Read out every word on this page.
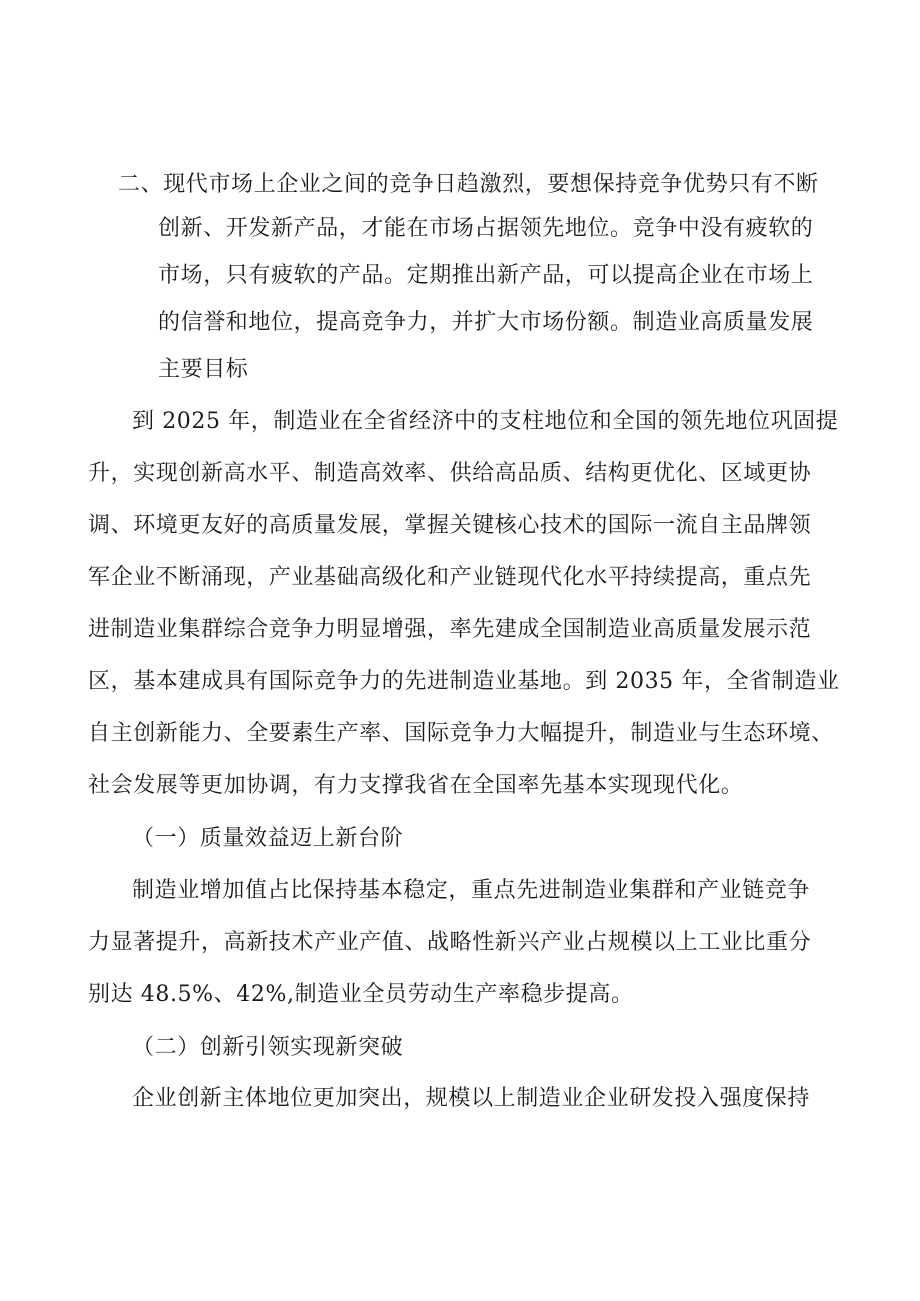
二、现代市场上企业之间的竞争日趋激烈，要想保持竞争优势只有不断
创新、开发新产品，才能在市场占据领先地位。竞争中没有疲软的
市场，只有疲软的产品。定期推出新产品，可以提高企业在市场上
的信誉和地位，提高竞争力，并扩大市场份额。制造业高质量发展
主要目标
到 2025 年，制造业在全省经济中的支柱地位和全国的领先地位巩固提
升，实现创新高水平、制造高效率、供给高品质、结构更优化、区域更协
调、环境更友好的高质量发展，掌握关键核心技术的国际一流自主品牌领
军企业不断涌现，产业基础高级化和产业链现代化水平持续提高，重点先
进制造业集群综合竞争力明显增强，率先建成全国制造业高质量发展示范
区，基本建成具有国际竞争力的先进制造业基地。到 2035 年，全省制造业
自主创新能力、全要素生产率、国际竞争力大幅提升，制造业与生态环境、
社会发展等更加协调，有力支撑我省在全国率先基本实现现代化。
（一）质量效益迈上新台阶
制造业增加值占比保持基本稳定，重点先进制造业集群和产业链竞争
力显著提升，高新技术产业产值、战略性新兴产业占规模以上工业比重分
别达 48.5%、42%,制造业全员劳动生产率稳步提高。
（二）创新引领实现新突破
企业创新主体地位更加突出，规模以上制造业企业研发投入强度保持
